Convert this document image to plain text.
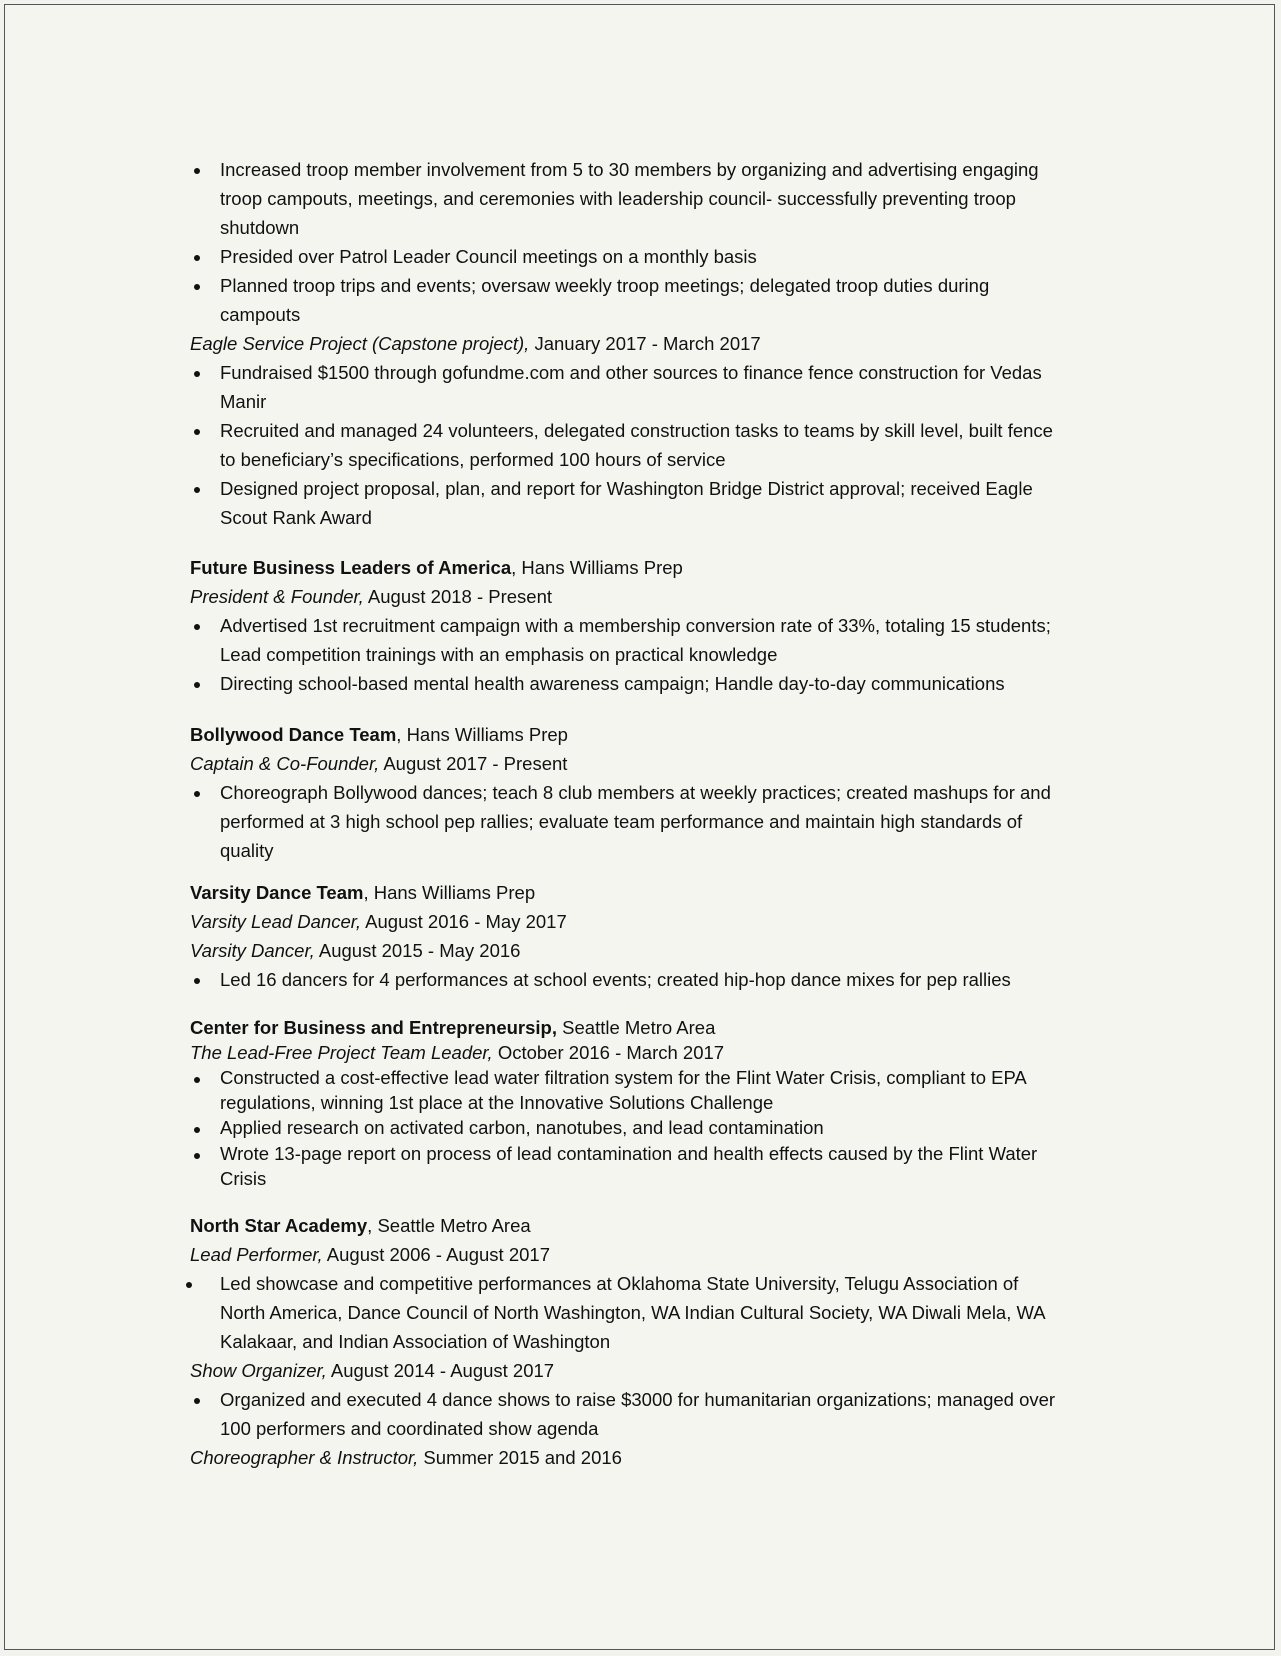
Increased troop member involvement from 5 to 30 members by organizing and advertising engaging
troop campouts, meetings, and ceremonies with leadership council- successfully preventing troop
shutdown
Presided over Patrol Leader Council meetings on a monthly basis
Planned troop trips and events; oversaw weekly troop meetings; delegated troop duties during
campouts
Eagle Service Project (Capstone project), January 2017 - March 2017
Fundraised $1500 through gofundme.com and other sources to finance fence construction for Vedas
Manir
Recruited and managed 24 volunteers, delegated construction tasks to teams by skill level, built fence
to beneficiary’s specifications, performed 100 hours of service
Designed project proposal, plan, and report for Washington Bridge District approval; received Eagle
Scout Rank Award
Future Business Leaders of America, Hans Williams Prep
President & Founder, August 2018 - Present
Advertised 1st recruitment campaign with a membership conversion rate of 33%, totaling 15 students;
Lead competition trainings with an emphasis on practical knowledge
Directing school-based mental health awareness campaign; Handle day-to-day communications
Bollywood Dance Team, Hans Williams Prep
Captain & Co-Founder, August 2017 - Present
Choreograph Bollywood dances; teach 8 club members at weekly practices; created mashups for and
performed at 3 high school pep rallies; evaluate team performance and maintain high standards of
quality
Varsity Dance Team, Hans Williams Prep
Varsity Lead Dancer, August 2016 - May 2017
Varsity Dancer, August 2015 - May 2016
Led 16 dancers for 4 performances at school events; created hip-hop dance mixes for pep rallies
Center for Business and Entrepreneursip, Seattle Metro Area
The Lead-Free Project Team Leader, October 2016 - March 2017
Constructed a cost-effective lead water filtration system for the Flint Water Crisis, compliant to EPA
regulations, winning 1st place at the Innovative Solutions Challenge
Applied research on activated carbon, nanotubes, and lead contamination
Wrote 13-page report on process of lead contamination and health effects caused by the Flint Water
Crisis
North Star Academy, Seattle Metro Area
Lead Performer, August 2006 - August 2017
Led showcase and competitive performances at Oklahoma State University, Telugu Association of
North America, Dance Council of North Washington, WA Indian Cultural Society, WA Diwali Mela, WA
Kalakaar, and Indian Association of Washington
Show Organizer, August 2014 - August 2017
Organized and executed 4 dance shows to raise $3000 for humanitarian organizations; managed over
100 performers and coordinated show agenda
Choreographer & Instructor, Summer 2015 and 2016
